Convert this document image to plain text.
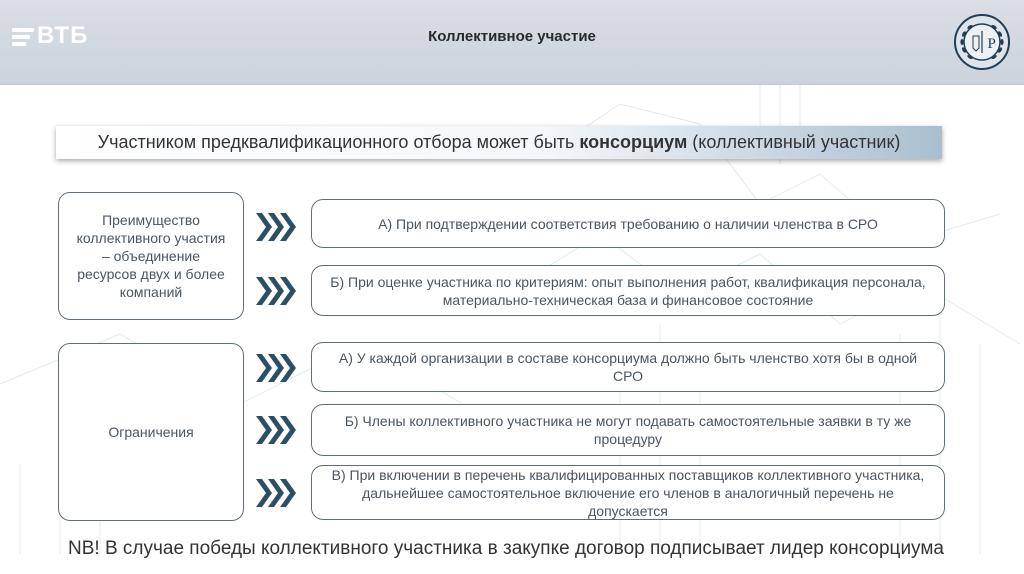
ВТБ	Коллективное участие	Р
Участником предквалификационного отбора может быть консорциум (коллективный участник)
Преимущество коллективного участия – объединение ресурсов двух и более компаний
А) При подтверждении соответствия требованию о наличии членства в СРО
Б) При оценке участника по критериям: опыт выполнения работ, квалификация персонала, материально-техническая база и финансовое состояние
Ограничения
А) У каждой организации в составе консорциума должно быть членство хотя бы в одной СРО
Б) Члены коллективного участника не могут подавать самостоятельные заявки в ту же процедуру
В) При включении в перечень квалифицированных поставщиков коллективного участника, дальнейшее самостоятельное включение его членов в аналогичный перечень не допускается
NB! В случае победы коллективного участника в закупке договор подписывает лидер консорциума
